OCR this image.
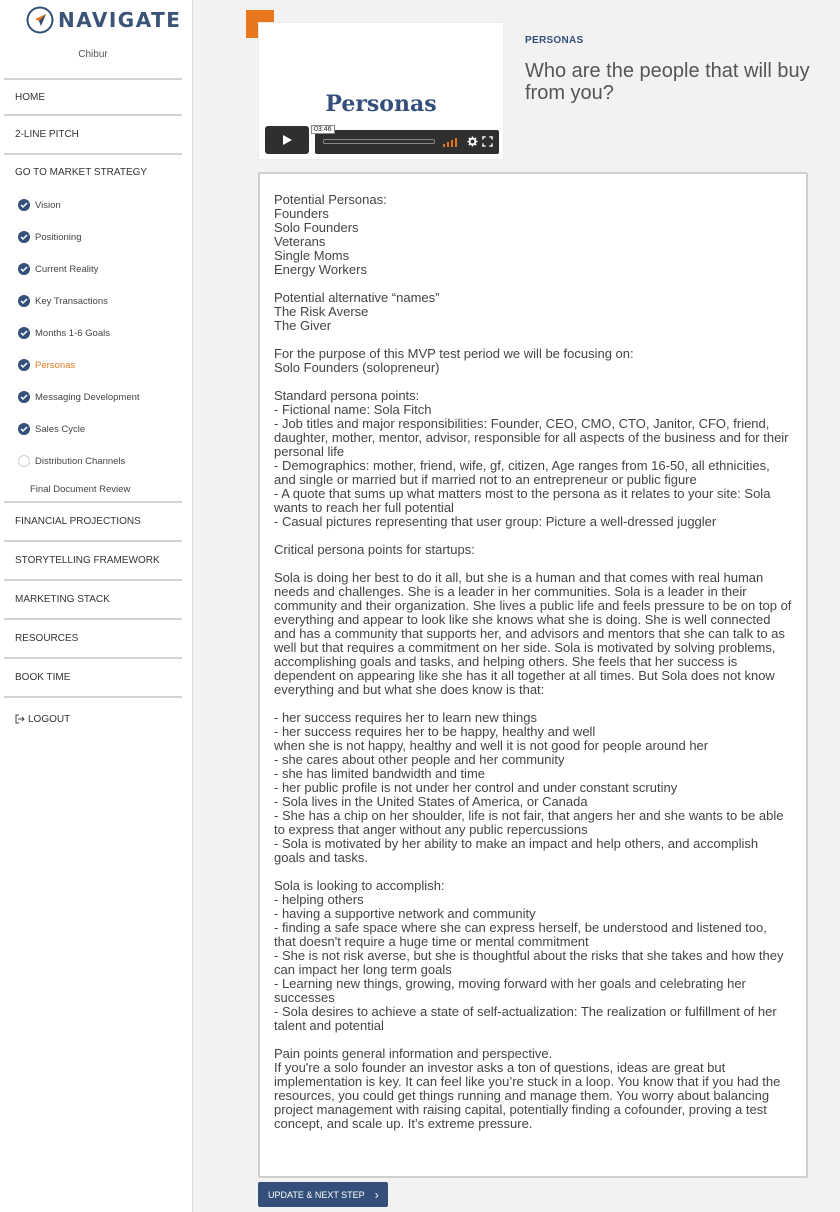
NAVIGATE
Chibur
HOME
2-LINE PITCH
GO TO MARKET STRATEGY
Vision
Positioning
Current Reality
Key Transactions
Months 1-6 Goals
Personas
Messaging Development
Sales Cycle
Distribution Channels
Final Document Review
FINANCIAL PROJECTIONS
STORYTELLING FRAMEWORK
MARKETING STACK
RESOURCES
BOOK TIME
LOGOUT
Personas
03:46
PERSONAS
Who are the people that will buy from you?
Potential Personas:
Founders
Solo Founders
Veterans
Single Moms
Energy Workers

Potential alternative “names”
The Risk Averse
The Giver

For the purpose of this MVP test period we will be focusing on:
Solo Founders (solopreneur)

Standard persona points:
- Fictional name: Sola Fitch
- Job titles and major responsibilities: Founder, CEO, CMO, CTO, Janitor, CFO, friend, daughter, mother, mentor, advisor, responsible for all aspects of the business and for their personal life
- Demographics: mother, friend, wife, gf, citizen, Age ranges from 16-50, all ethnicities, and single or married but if married not to an entrepreneur or public figure
- A quote that sums up what matters most to the persona as it relates to your site: Sola wants to reach her full potential
- Casual pictures representing that user group: Picture a well-dressed juggler

Critical persona points for startups:

Sola is doing her best to do it all, but she is a human and that comes with real human needs and challenges. She is a leader in her communities. Sola is a leader in their community and their organization. She lives a public life and feels pressure to be on top of everything and appear to look like she knows what she is doing. She is well connected and has a community that supports her, and advisors and mentors that she can talk to as well but that requires a commitment on her side. Sola is motivated by solving problems, accomplishing goals and tasks, and helping others. She feels that her success is dependent on appearing like she has it all together at all times. But Sola does not know everything and but what she does know is that:

- her success requires her to learn new things
- her success requires her to be happy, healthy and well
when she is not happy, healthy and well it is not good for people around her
- she cares about other people and her community
- she has limited bandwidth and time
- her public profile is not under her control and under constant scrutiny
- Sola lives in the United States of America, or Canada
- She has a chip on her shoulder, life is not fair, that angers her and she wants to be able to express that anger without any public repercussions
- Sola is motivated by her ability to make an impact and help others, and accomplish goals and tasks.

Sola is looking to accomplish:
- helping others
- having a supportive network and community
- finding a safe space where she can express herself, be understood and listened too, that doesn't require a huge time or mental commitment
- She is not risk averse, but she is thoughtful about the risks that she takes and how they can impact her long term goals
- Learning new things, growing, moving forward with her goals and celebrating her successes
- Sola desires to achieve a state of self-actualization: The realization or fulfillment of her talent and potential

Pain points general information and perspective.
If you're a solo founder an investor asks a ton of questions, ideas are great but implementation is key. It can feel like you’re stuck in a loop. You know that if you had the resources, you could get things running and manage them. You worry about balancing project management with raising capital, potentially finding a cofounder, proving a test concept, and scale up. It’s extreme pressure.
UPDATE & NEXT STEP ›
